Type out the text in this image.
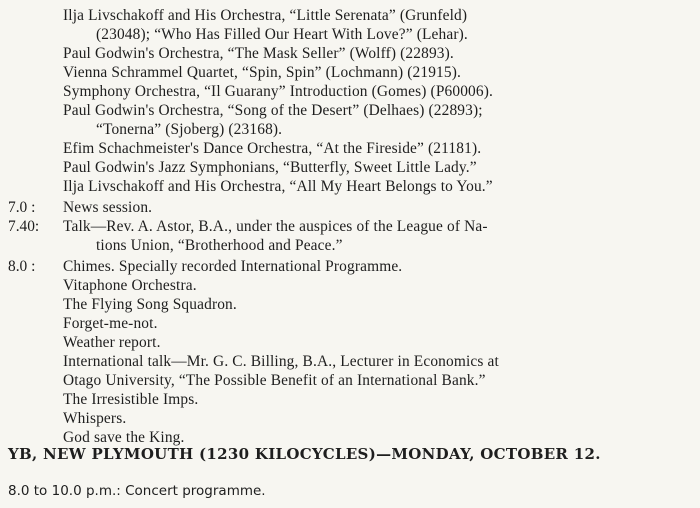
Ilja Livschakoff and His Orchestra, “Little Serenata” (Grunfeld)
(23048); “Who Has Filled Our Heart With Love?” (Lehar).
Paul Godwin's Orchestra, “The Mask Seller” (Wolff) (22893).
Vienna Schrammel Quartet, “Spin, Spin” (Lochmann) (21915).
Symphony Orchestra, “Il Guarany” Introduction (Gomes) (P60006).
Paul Godwin's Orchestra, “Song of the Desert” (Delhaes) (22893);
“Tonerna” (Sjoberg) (23168).
Efim Schachmeister's Dance Orchestra, “At the Fireside” (21181).
Paul Godwin's Jazz Symphonians, “Butterfly, Sweet Little Lady.”
Ilja Livschakoff and His Orchestra, “All My Heart Belongs to You.”
7.0 : News session.
7.40: Talk—Rev. A. Astor, B.A., under the auspices of the League of Na-
tions Union, “Brotherhood and Peace.”
8.0 : Chimes. Specially recorded International Programme.
Vitaphone Orchestra.
The Flying Song Squadron.
Forget-me-not.
Weather report.
International talk—Mr. G. C. Billing, B.A., Lecturer in Economics at
Otago University, “The Possible Benefit of an International Bank.”
The Irresistible Imps.
Whispers.
God save the King.
YB, NEW PLYMOUTH (1230 KILOCYCLES)—MONDAY, OCTOBER 12.
8.0 to 10.0 p.m.: Concert programme.
